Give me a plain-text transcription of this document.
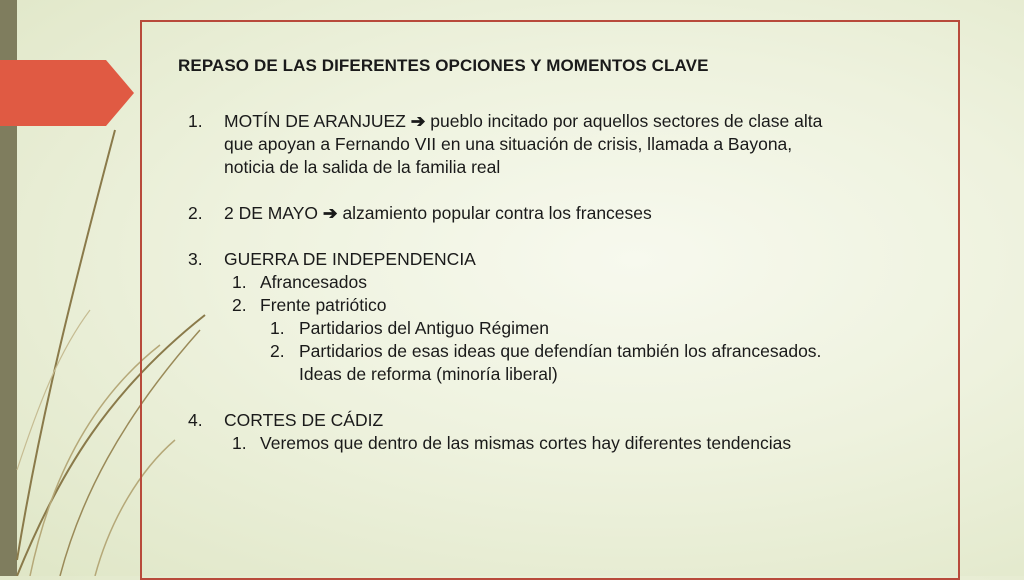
REPASO DE LAS DIFERENTES OPCIONES Y MOMENTOS CLAVE
1. MOTÍN DE ARANJUEZ ➔ pueblo incitado por aquellos sectores de clase alta
que apoyan a Fernando VII en una situación de crisis, llamada a Bayona,
noticia de la salida de la familia real
2. 2 DE MAYO ➔ alzamiento popular contra los franceses
3. GUERRA DE INDEPENDENCIA
1. Afrancesados
2. Frente patriótico
1. Partidarios del Antiguo Régimen
2. Partidarios de esas ideas que defendían también los afrancesados.
Ideas de reforma (minoría liberal)
4. CORTES DE CÁDIZ
1. Veremos que dentro de las mismas cortes hay diferentes tendencias
